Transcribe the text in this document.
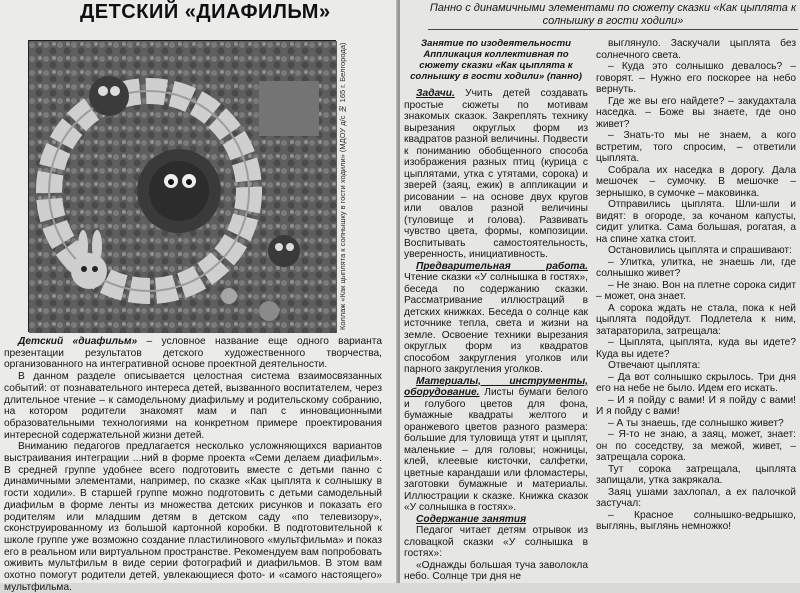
ДЕТСКИЙ «ДИАФИЛЬМ»
Коллаж «Как цыплята к солнышку в гости ходили» (МДОУ д/с № 165 г. Белгорода)

Детский «диафильм» – условное название еще одного варианта презентации результатов детского художественного творчества, организованного на интегративной основе проектной деятельности.

В данном разделе описывается целостная система взаимосвязанных событий: от познавательного интереса детей, вызванного воспитателем, через длительное чтение – к самодельному диафильму и родительскому собранию, на котором родители знакомят мам и пап с инновационными образовательными технологиями на конкретном примере проектирования интересной содержательной жизни детей.

Вниманию педагогов предлагается несколько усложняющихся вариантов выстраивания интеграции ...ний в форме проекта «Семи делаем диафильм». В средней группе удобнее всего подготовить вместе с детьми панно с динамичными элементами, например, по сказке «Как цыплята к солнышку в гости ходили». В старшей группе можно подготовить с детьми самодельный диафильм в форме ленты из множества детских рисунков и показать его родителям или младшим детям в детском саду «по телевизору», сконструированному из большой картонной коробки. В подготовительной к школе группе уже возможно создание пластилинового «мультфильма» и показ его в реальном или виртуальном пространстве. Рекомендуем вам попробовать оживить мультфильм в виде серии фотографий и диафильмов. В этом вам охотно помогут родители детей, увлекающиеся фото- и «самого настоящего» мультфильма.

Панно с динамичными элементами по сюжету сказки «Как цыплята к солнышку в гости ходили»
Занятие по изодеятельности Аппликация коллективная по сюжету сказки «Как цыплята к солнышку в гости ходили» (панно)

Задачи. Учить детей создавать простые сюжеты по мотивам знакомых сказок. Закреплять технику вырезания округлых форм из квадратов разной величины. Подвести к пониманию обобщенного способа изображения разных птиц (курица с цыплятами, утка с утятами, сорока) и зверей (заяц, ежик) в аппликации и рисовании – на основе двух кругов или овалов разной величины (туловище и голова). Развивать чувство цвета, формы, композиции. Воспитывать самостоятельность, уверенность, инициативность.

Предварительная работа. Чтение сказки «У солнышка в гостях», беседа по содержанию сказки. Рассматривание иллюстраций в детских книжках. Беседа о солнце как источнике тепла, света и жизни на земле. Освоение техники вырезания округлых форм из квадратов способом закругления уголков или парного закругления уголков.

Материалы, инструменты, оборудование. Листы бумаги белого и голубого цветов для фона, бумажные квадраты желтого и оранжевого цветов разного размера: большие для туловища утят и цыплят, маленькие – для головы; ножницы, клей, клеевые кисточки, салфетки, цветные карандаши или фломастеры, заготовки бумажные и материалы. Иллюстрации к сказке. Книжка сказок «У солнышка в гостях».

Содержание занятия

Педагог читает детям отрывок из словацкой сказки «У солнышка в гостях»:

«Однажды большая туча заволокла небо. Солнце три дня не

выглянуло. Заскучали цыплята без солнечного света.

– Куда это солнышко девалось? – говорят. – Нужно его поскорее на небо вернуть.

Где же вы его найдете? – закудахтала наседка. – Боже вы знаете, где оно живет?

– Знать-то мы не знаем, а кого встретим, того спросим, – ответили цыплята.

Собрала их наседка в дорогу. Дала мешочек – сумочку. В мешочке – зернышко, в сумочке – маковинка.

Отправились цыплята. Шли-шли и видят: в огороде, за кочаном капусты, сидит улитка. Сама большая, рогатая, а на спине хатка стоит.

Остановились цыплята и спрашивают:

– Улитка, улитка, не знаешь ли, где солнышко живет?

– Не знаю. Вон на плетне сорока сидит – может, она знает.

А сорока ждать не стала, пока к ней цыплята подойдут. Подлетела к ним, затараторила, затрещала:

– Цыплята, цыплята, куда вы идете? Куда вы идете?

Отвечают цыплята:

– Да вот солнышко скрылось. Три дня его на небе не было. Идем его искать.

– И я пойду с вами! И я пойду с вами! И я пойду с вами!

– А ты знаешь, где солнышко живет?

– Я-то не знаю, а заяц, может, знает: он по соседству, за межой, живет, – затрещала сорока.

Тут сорока затрещала, цыплята запищали, утка закрякала.

Заяц ушами захлопал, а ех палочкой застучал:

– Красное солнышко-ведрышко, выглянь, выглянь немножко!
